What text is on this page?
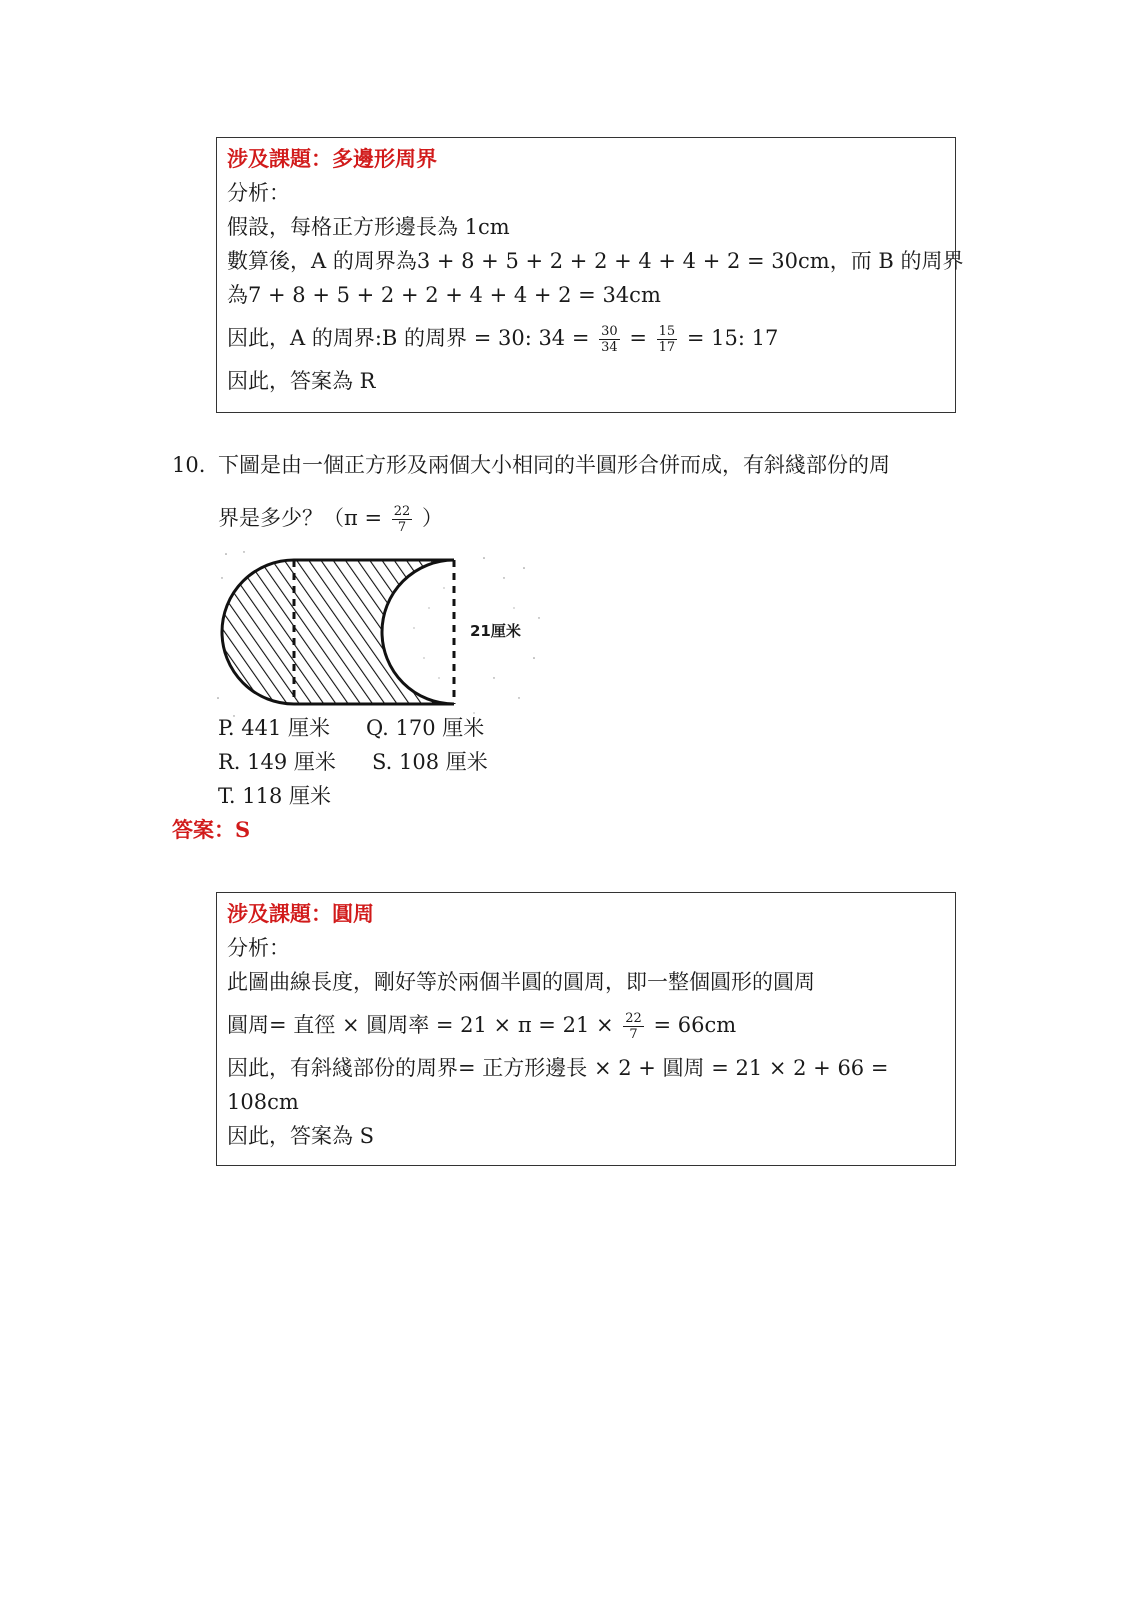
涉及課題：多邊形周界
分析：
假設，每格正方形邊長為 1cm
數算後，A 的周界為3 + 8 + 5 + 2 + 2 + 4 + 4 + 2 = 30cm，而 B 的周界
為7 + 8 + 5 + 2 + 2 + 4 + 4 + 2 = 34cm
因此，A 的周界:B 的周界 = 30: $34 = \frac{30}{34} = \frac{15}{17} = 15$: 17
因此，答案為 R
10. 下圖是由一個正方形及兩個大小相同的半圓形合併而成，有斜綫部份的周
界是多少？（$\pi = \frac{22}{7}$ ）
21厘米
P. 441 厘米 Q. 170 厘米
R. 149 厘米 S. 108 厘米
T. 118 厘米
答案：S
涉及課題：圓周
分析：
此圖曲線長度，剛好等於兩個半圓的圓周，即一整個圓形的圓周
圓周= 直徑 × 圓周率 = $21 \times \pi = 21 \times \frac{22}{7} = 66cm$
因此，有斜綫部份的周界= 正方形邊長 × 2 + 圓周 = 21 × 2 + 66 =
108cm
因此，答案為 S
